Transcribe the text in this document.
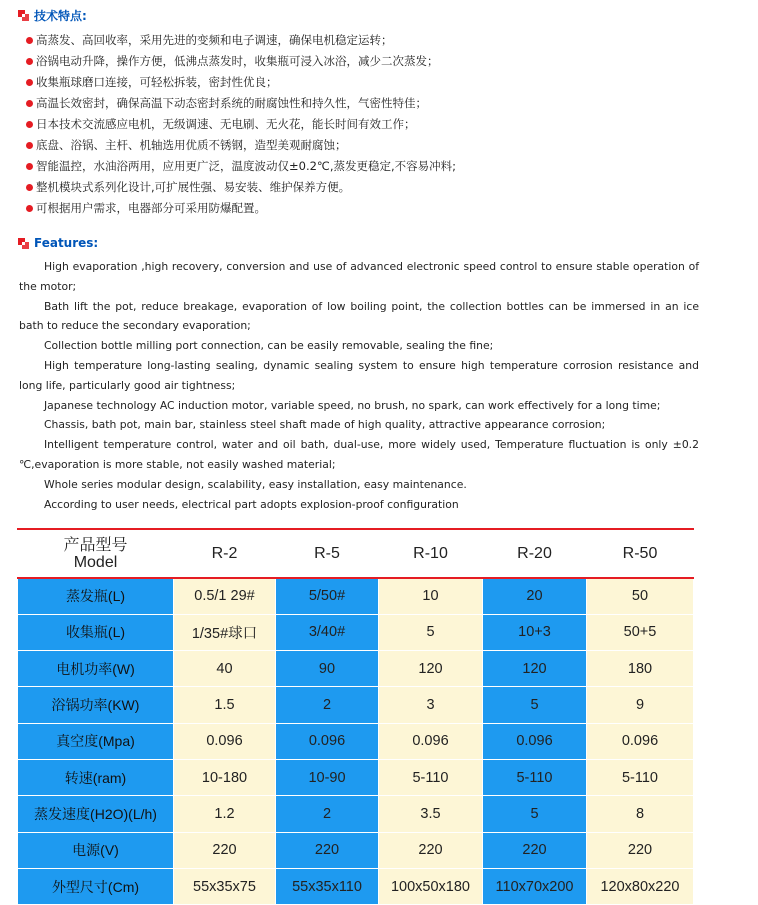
技术特点:
高蒸发、高回收率，采用先进的变频和电子调速，确保电机稳定运转；
浴锅电动升降，操作方便，低沸点蒸发时，收集瓶可浸入冰浴，减少二次蒸发；
收集瓶球磨口连接，可轻松拆装，密封性优良；
高温长效密封，确保高温下动态密封系统的耐腐蚀性和持久性，气密性特佳；
日本技术交流感应电机，无级调速、无电刷、无火花，能长时间有效工作；
底盘、浴锅、主杆、机轴选用优质不锈钢，造型美观耐腐蚀；
智能温控，水油浴两用，应用更广泛，温度波动仅±0.2℃,蒸发更稳定,不容易冲料;
整机模块式系列化设计,可扩展性强、易安装、维护保养方便。
可根据用户需求，电器部分可采用防爆配置。
Features:

High evaporation ,high recovery, conversion and use of advanced electronic speed control to ensure stable operation of the motor;

Bath lift the pot, reduce breakage, evaporation of low boiling point, the collection bottles can be immersed in an ice bath to reduce the secondary evaporation;

Collection bottle milling port connection, can be easily removable, sealing the fine;

High temperature long-lasting sealing, dynamic sealing system to ensure high temperature corrosion resistance and long life, particularly good air tightness;

Japanese technology AC induction motor, variable speed, no brush, no spark, can work effectively for a long time;

Chassis, bath pot, main bar, stainless steel shaft made of high quality, attractive appearance corrosion;

Intelligent temperature control, water and oil bath, dual-use, more widely used, Temperature fluctuation is only ±0.2 ℃,evaporation is more stable, not easily washed material;

Whole series modular design, scalability, easy installation, easy maintenance.

According to user needs, electrical part adopts explosion-proof configuration

产品型号
Model	R-2	R-5	R-10	R-20	R-50
蒸发瓶(L)	0.5/1 29#	5/50#	10	20	50
收集瓶(L)	1/35#球口	3/40#	5	10+3	50+5
电机功率(W)	40	90	120	120	180
浴锅功率(KW)	1.5	2	3	5	9
真空度(Mpa)	0.096	0.096	0.096	0.096	0.096
转速(ram)	10-180	10-90	5-110	5-110	5-110
蒸发速度(H2O)(L/h)	1.2	2	3.5	5	8
电源(V)	220	220	220	220	220
外型尺寸(Cm)	55x35x75	55x35x110	100x50x180	110x70x200	120x80x220
